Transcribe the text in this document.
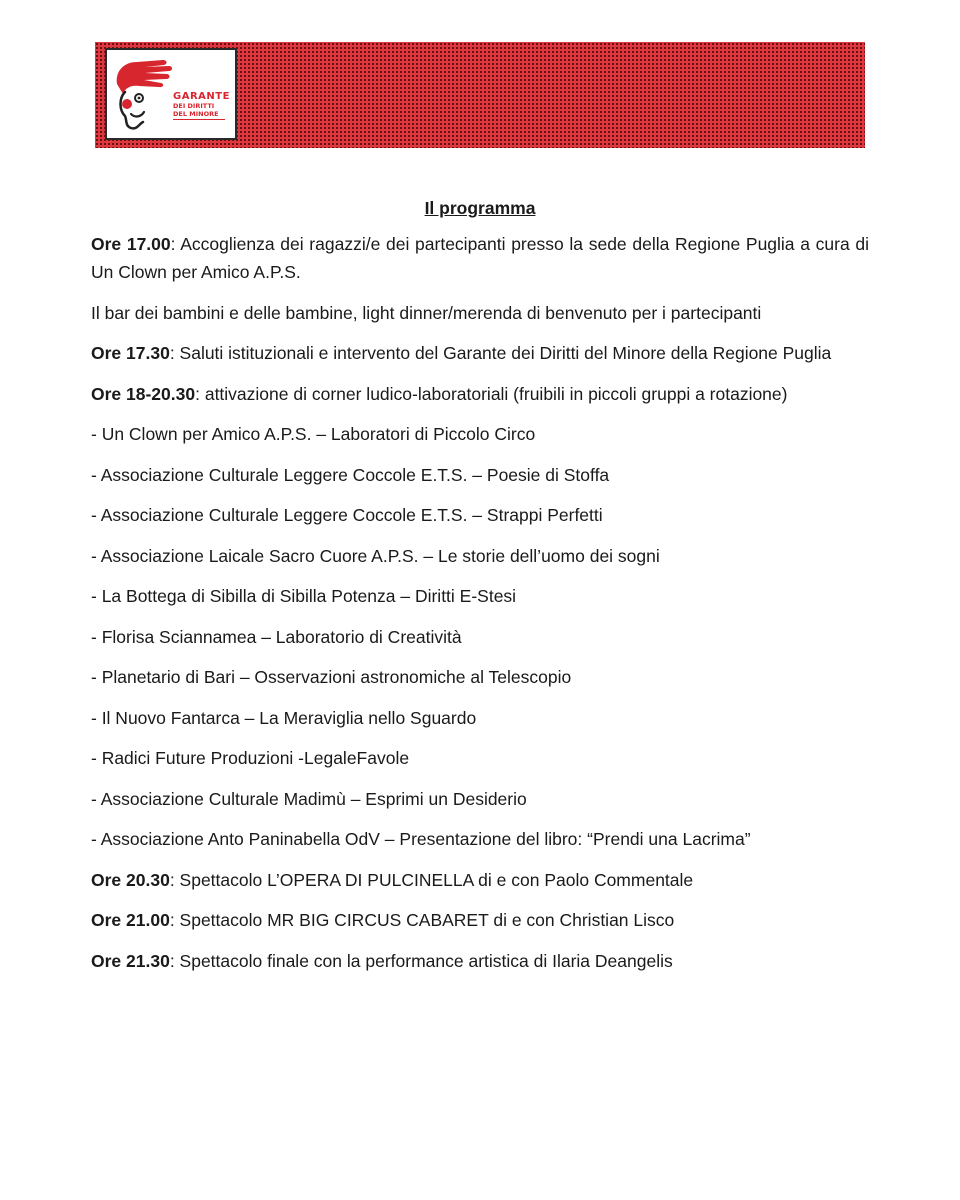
GARANTE
DEI DIRITTI
DEL MINORE
Il programma
Ore 17.00: Accoglienza dei ragazzi/e dei partecipanti presso la sede della Regione Puglia a cura di Un Clown per Amico A.P.S.
Il bar dei bambini e delle bambine, light dinner/merenda di benvenuto per i partecipanti
Ore 17.30: Saluti istituzionali e intervento del Garante dei Diritti del Minore della Regione Puglia
Ore 18-20.30: attivazione di corner ludico-laboratoriali (fruibili in piccoli gruppi a rotazione)
- Un Clown per Amico A.P.S. – Laboratori di Piccolo Circo
- Associazione Culturale Leggere Coccole E.T.S. – Poesie di Stoffa
- Associazione Culturale Leggere Coccole E.T.S. – Strappi Perfetti
- Associazione Laicale Sacro Cuore A.P.S. – Le storie dell’uomo dei sogni
- La Bottega di Sibilla di Sibilla Potenza – Diritti E-Stesi
- Florisa Sciannamea – Laboratorio di Creatività
- Planetario di Bari – Osservazioni astronomiche al Telescopio
- Il Nuovo Fantarca – La Meraviglia nello Sguardo
- Radici Future Produzioni -LegaleFavole
- Associazione Culturale Madimù – Esprimi un Desiderio
- Associazione Anto Paninabella OdV – Presentazione del libro: “Prendi una Lacrima”
Ore 20.30: Spettacolo L’OPERA DI PULCINELLA di e con Paolo Commentale
Ore 21.00: Spettacolo MR BIG CIRCUS CABARET di e con Christian Lisco
Ore 21.30: Spettacolo finale con la performance artistica di Ilaria Deangelis
